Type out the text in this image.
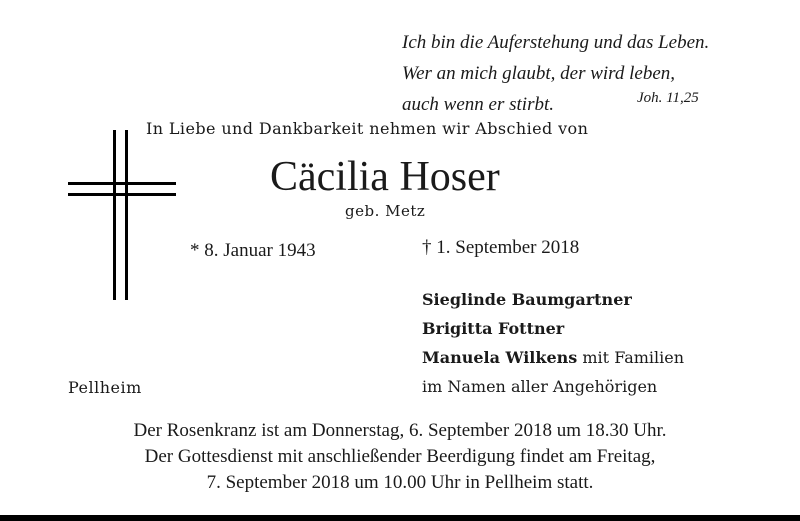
Ich bin die Auferstehung und das Leben.
Wer an mich glaubt, der wird leben,
auch wenn er stirbt.	Joh. 11,25
In Liebe und Dankbarkeit nehmen wir Abschied von
Cäcilia Hoser
geb. Metz
* 8. Januar 1943	† 1. September 2018
Sieglinde Baumgartner
Brigitta Fottner
Manuela Wilkens mit Familien
im Namen aller Angehörigen
Pellheim
Der Rosenkranz ist am Donnerstag, 6. September 2018 um 18.30 Uhr.
Der Gottesdienst mit anschließender Beerdigung findet am Freitag,
7. September 2018 um 10.00 Uhr in Pellheim statt.
